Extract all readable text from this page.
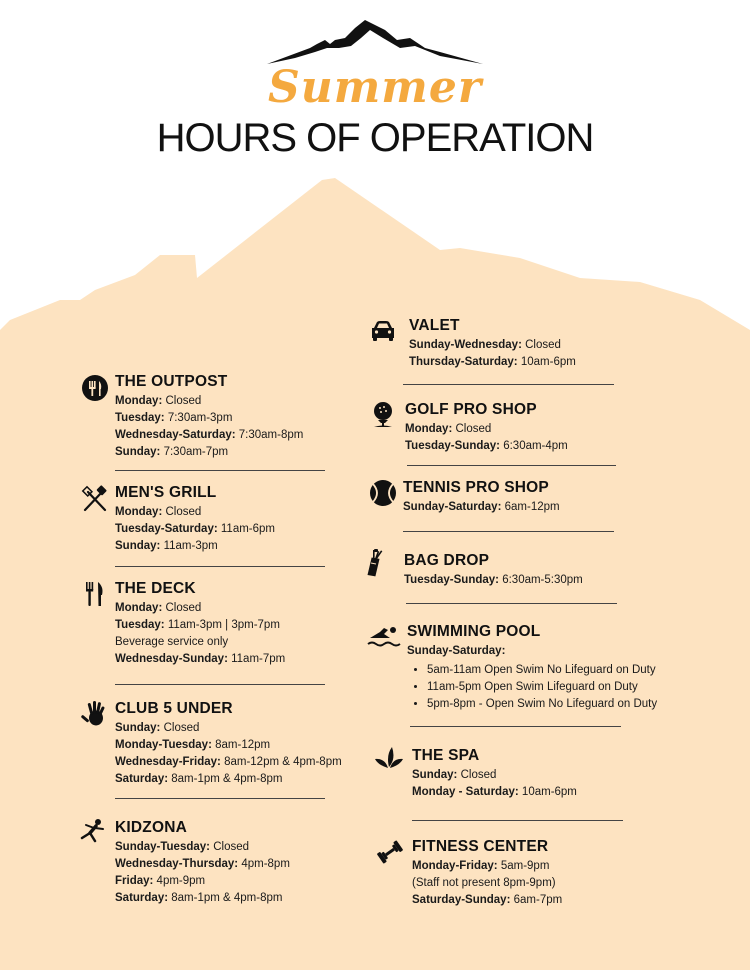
Summer
HOURS OF OPERATION
THE OUTPOST
Monday: Closed
Tuesday: 7:30am-3pm
Wednesday-Saturday: 7:30am-8pm
Sunday: 7:30am-7pm
MEN'S GRILL
Monday: Closed
Tuesday-Saturday: 11am-6pm
Sunday: 11am-3pm
THE DECK
Monday: Closed
Tuesday: 11am-3pm | 3pm-7pm
Beverage service only
Wednesday-Sunday: 11am-7pm
CLUB 5 UNDER
Sunday: Closed
Monday-Tuesday: 8am-12pm
Wednesday-Friday: 8am-12pm & 4pm-8pm
Saturday: 8am-1pm & 4pm-8pm
KIDZONA
Sunday-Tuesday: Closed
Wednesday-Thursday: 4pm-8pm
Friday: 4pm-9pm
Saturday: 8am-1pm & 4pm-8pm
VALET
Sunday-Wednesday: Closed
Thursday-Saturday: 10am-6pm
GOLF PRO SHOP
Monday: Closed
Tuesday-Sunday: 6:30am-4pm
TENNIS PRO SHOP
Sunday-Saturday: 6am-12pm
BAG DROP
Tuesday-Sunday: 6:30am-5:30pm
SWIMMING POOL
Sunday-Saturday:
• 5am-11am Open Swim No Lifeguard on Duty
• 11am-5pm Open Swim Lifeguard on Duty
• 5pm-8pm - Open Swim No Lifeguard on Duty
THE SPA
Sunday: Closed
Monday - Saturday: 10am-6pm
FITNESS CENTER
Monday-Friday: 5am-9pm
(Staff not present 8pm-9pm)
Saturday-Sunday: 6am-7pm
